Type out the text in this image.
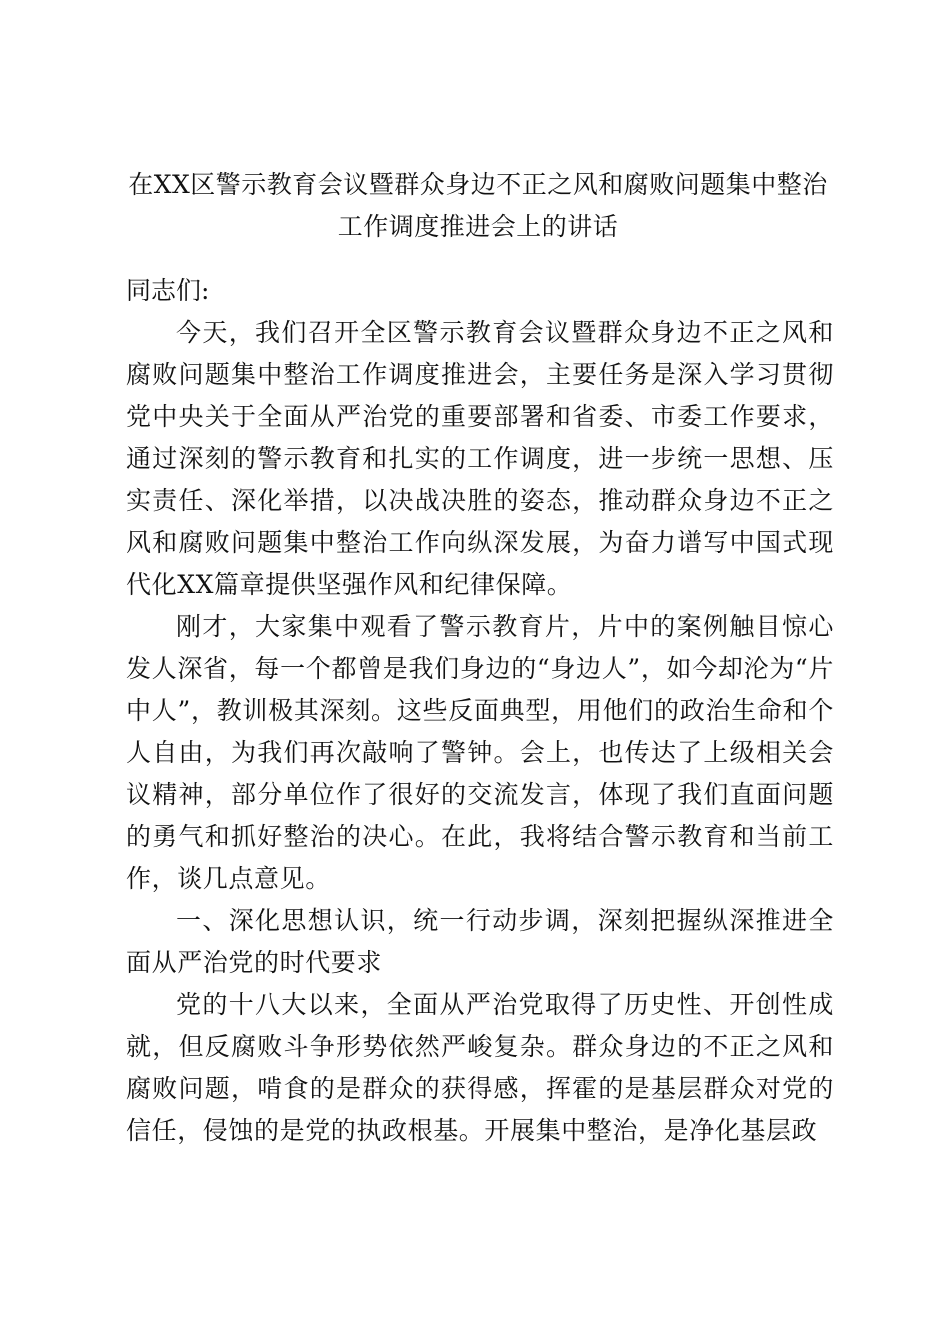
在XX区警示教育会议暨群众身边不正之风和腐败问题集中整治
工作调度推进会上的讲话

同志们:

今天，我们召开全区警示教育会议暨群众身边不正之风和腐败问题集中整治工作调度推进会，主要任务是深入学习贯彻党中央关于全面从严治党的重要部署和省委、市委工作要求，通过深刻的警示教育和扎实的工作调度，进一步统一思想、压实责任、深化举措，以决战决胜的姿态，推动群众身边不正之风和腐败问题集中整治工作向纵深发展，为奋力谱写中国式现代化XX篇章提供坚强作风和纪律保障。

刚才，大家集中观看了警示教育片，片中的案例触目惊心发人深省，每一个都曾是我们身边的“身边人”，如今却沦为“片中人”，教训极其深刻。这些反面典型，用他们的政治生命和个人自由，为我们再次敲响了警钟。会上，也传达了上级相关会议精神，部分单位作了很好的交流发言，体现了我们直面问题的勇气和抓好整治的决心。在此，我将结合警示教育和当前工作，谈几点意见。

一、深化思想认识，统一行动步调，深刻把握纵深推进全面从严治党的时代要求

党的十八大以来，全面从严治党取得了历史性、开创性成就，但反腐败斗争形势依然严峻复杂。群众身边的不正之风和腐败问题，啃食的是群众的获得感，挥霍的是基层群众对党的信任，侵蚀的是党的执政根基。开展集中整治，是净化基层政
